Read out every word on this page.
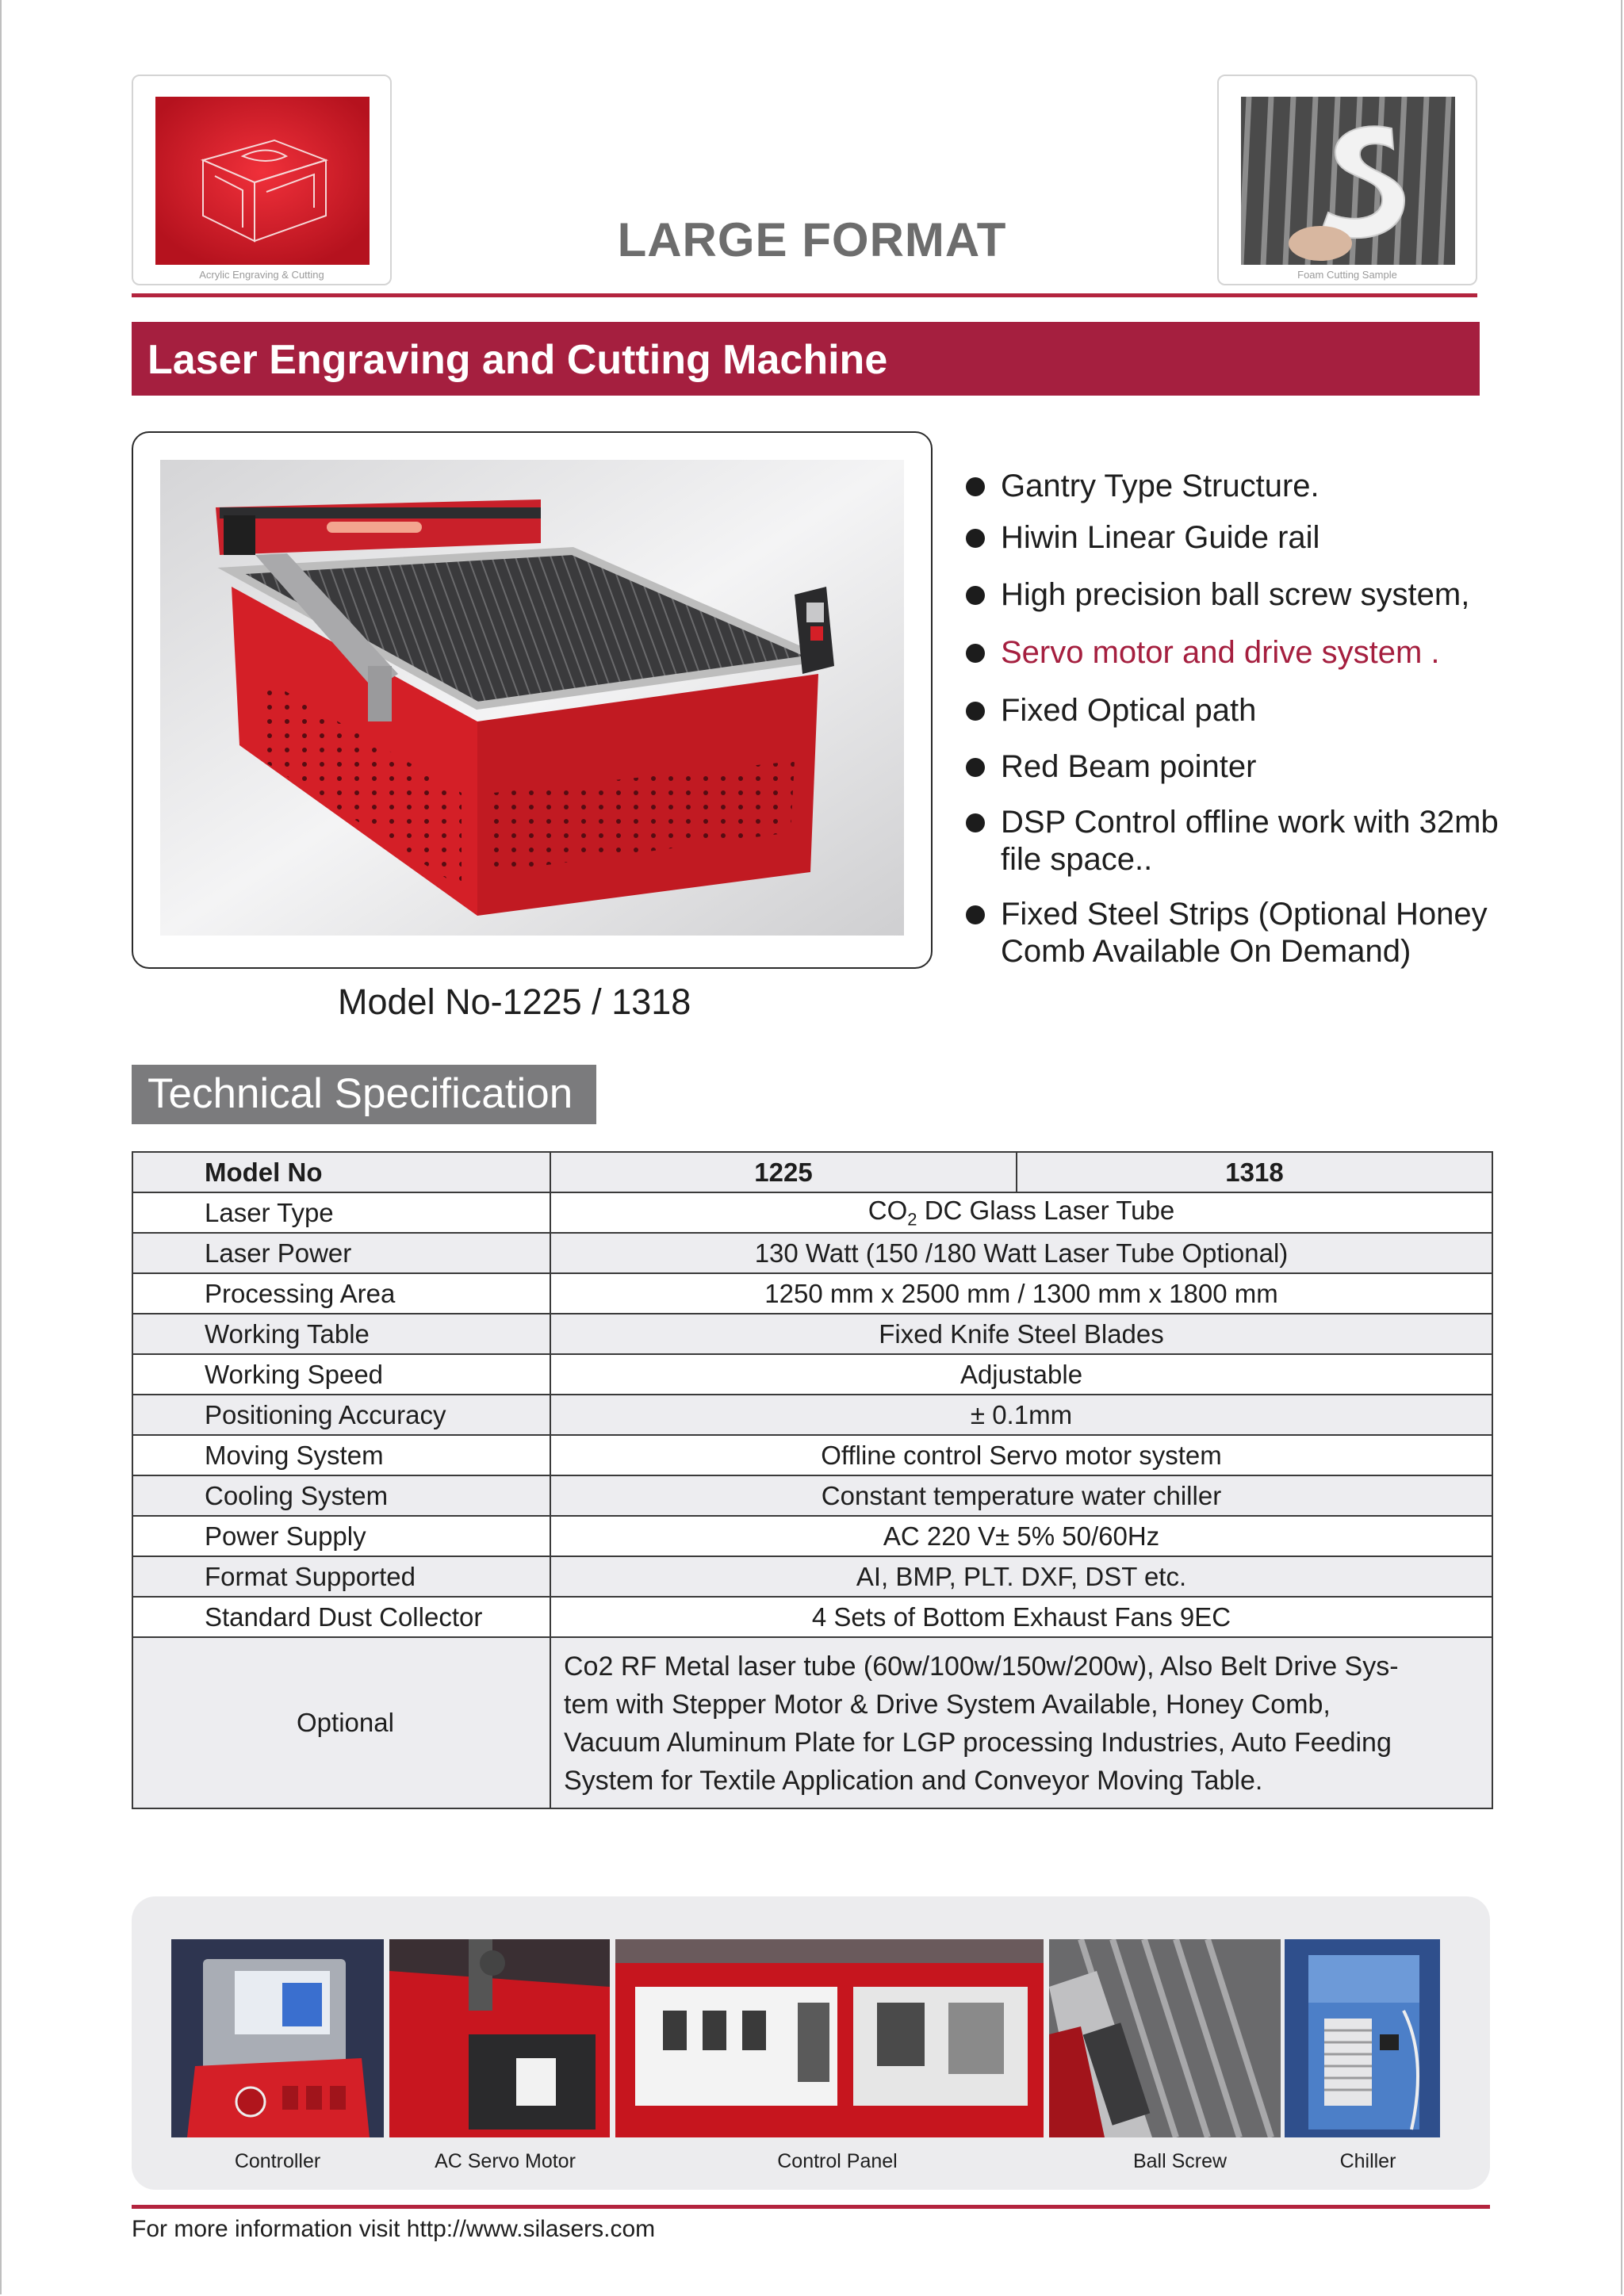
Acrylic Engraving & Cutting
LARGE FORMAT
Foam Cutting Sample
Laser Engraving and Cutting Machine
Model No-1225 / 1318
Gantry Type Structure.
Hiwin Linear Guide rail
High precision ball screw system,
Servo motor and drive system .
Fixed Optical path
Red Beam pointer
DSP Control offline work with 32mb file space..
Fixed Steel Strips (Optional Honey Comb Available On Demand)
Technical Specification
Model No	1225	1318
Laser Type	$CO_2$ DC Glass Laser Tube	
Laser Power	130 Watt (150 /180 Watt Laser Tube Optional)	
Processing Area	1250 mm x 2500 mm / 1300 mm x 1800 mm	
Working Table	Fixed Knife Steel Blades	
Working Speed	Adjustable	
Positioning Accuracy	± 0.1mm	
Moving System	Offline control Servo motor system	
Cooling System	Constant temperature water chiller	
Power Supply	AC 220 V± 5% 50/60Hz	
Format Supported	AI, BMP, PLT. DXF, DST etc.	
Standard Dust Collector	4 Sets of Bottom Exhaust Fans 9EC	
Optional	Co2 RF Metal laser tube (60w/100w/150w/200w), Also Belt Drive Sys-
tem with Stepper Motor & Drive System Available, Honey Comb,
Vacuum Aluminum Plate for LGP processing Industries, Auto Feeding
System for Textile Application and Conveyor Moving Table.	
Controller	AC Servo Motor	Control Panel	Ball Screw	Chiller
For more information visit http://www.silasers.com
